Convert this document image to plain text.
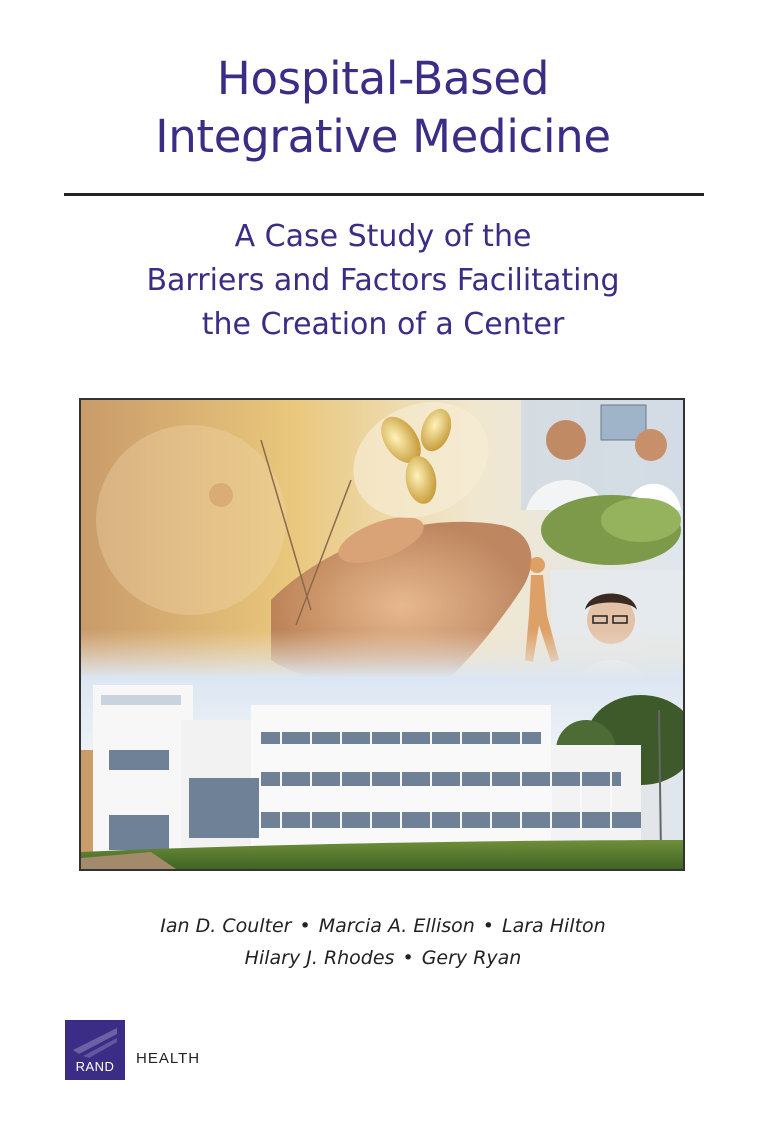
Hospital-Based
Integrative Medicine
A Case Study of the
Barriers and Factors Facilitating
the Creation of a Center
Ian D. Coulter • Marcia A. Ellison • Lara Hilton
Hilary J. Rhodes • Gery Ryan
RAND	HEALTH
